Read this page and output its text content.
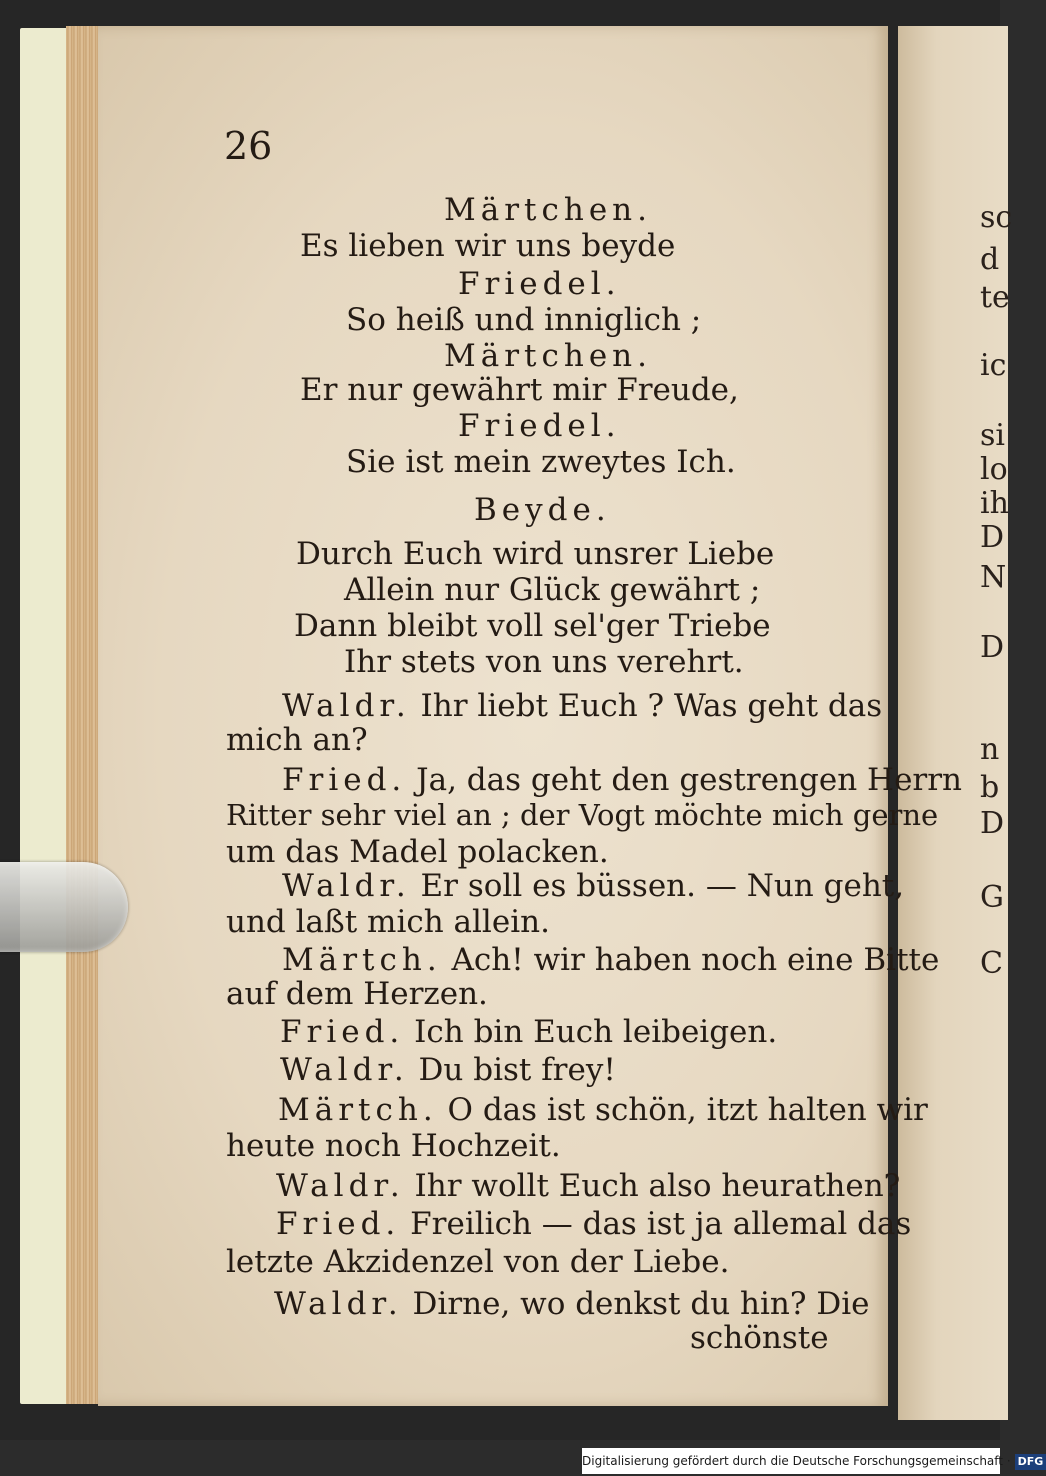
sc
d
te
ic
si
lo
ih
D
N
D
n
b
D
G
C
26
Märtchen.
Es lieben wir uns beyde
Friedel.
So heiß und inniglich ;
Märtchen.
Er nur gewährt mir Freude,
Friedel.
Sie ist mein zweytes Ich.
Beyde.
Durch Euch wird unsrer Liebe
Allein nur Glück gewährt ;
Dann bleibt voll sel'ger Triebe
Ihr stets von uns verehrt.
Waldr. Ihr liebt Euch ? Was geht das
mich an?
Fried. Ja, das geht den gestrengen Herrn
Ritter sehr viel an ; der Vogt möchte mich gerne
um das Madel polacken.
Waldr. Er soll es büssen. — Nun geht,
und laßt mich allein.
Märtch. Ach! wir haben noch eine Bitte
auf dem Herzen.
Fried. Ich bin Euch leibeigen.
Waldr. Du bist frey!
Märtch. O das ist schön, itzt halten wir
heute noch Hochzeit.
Waldr. Ihr wollt Euch also heurathen?
Fried. Freilich — das ist ja allemal das
letzte Akzidenzel von der Liebe.
Waldr. Dirne, wo denkst du hin? Die
schönste
Digitalisierung gefördert durch die Deutsche Forschungsgemeinschaft · DFG
